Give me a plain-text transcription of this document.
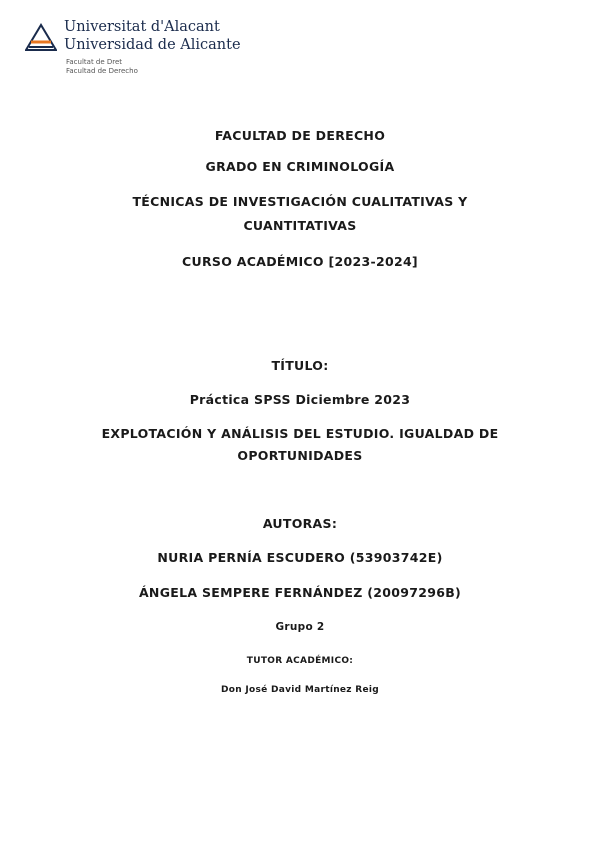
Universitat d'Alacant
Universidad de Alicante
Facultat de Dret
Facultad de Derecho
FACULTAD DE DERECHO
GRADO EN CRIMINOLOGÍA
TÉCNICAS DE INVESTIGACIÓN CUALITATIVAS Y
CUANTITATIVAS
CURSO ACADÉMICO [2023-2024]
TÍTULO:
Práctica SPSS Diciembre 2023
EXPLOTACIÓN Y ANÁLISIS DEL ESTUDIO. IGUALDAD DE
OPORTUNIDADES
AUTORAS:
NURIA PERNÍA ESCUDERO (53903742E)
ÁNGELA SEMPERE FERNÁNDEZ (20097296B)
Grupo 2
TUTOR ACADÉMICO:
Don José David Martínez Reig
